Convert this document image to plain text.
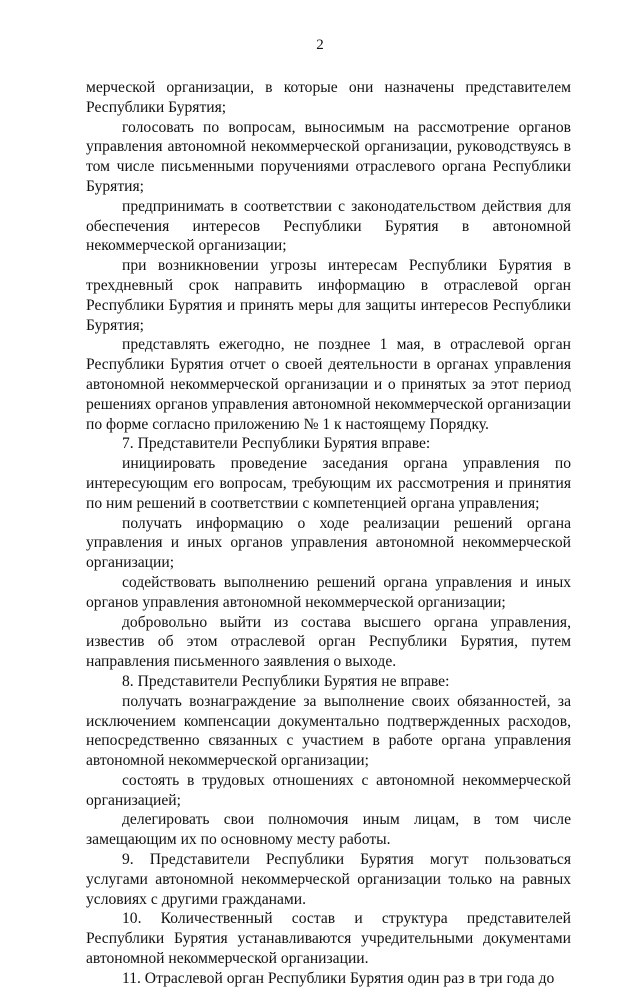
2

мерческой организации, в которые они назначены представителем Республики Бурятия;

голосовать по вопросам, выносимым на рассмотрение органов управления автономной некоммерческой организации, руководствуясь в том числе письменными поручениями отраслевого органа Республики Бурятия;

предпринимать в соответствии с законодательством действия для обеспечения интересов Республики Бурятия в автономной некоммерческой организации;

при возникновении угрозы интересам Республики Бурятия в трехдневный срок направить информацию в отраслевой орган Республики Бурятия и принять меры для защиты интересов Республики Бурятия;

представлять ежегодно, не позднее 1 мая, в отраслевой орган Республики Бурятия отчет о своей деятельности в органах управления автономной некоммерческой организации и о принятых за этот период решениях органов управления автономной некоммерческой организации по форме согласно приложению № 1 к настоящему Порядку.

7. Представители Республики Бурятия вправе:

инициировать проведение заседания органа управления по интересующим его вопросам, требующим их рассмотрения и принятия по ним решений в соответствии с компетенцией органа управления;

получать информацию о ходе реализации решений органа управления и иных органов управления автономной некоммерческой организации;

содействовать выполнению решений органа управления и иных органов управления автономной некоммерческой организации;

добровольно выйти из состава высшего органа управления, известив об этом отраслевой орган Республики Бурятия, путем направления письменного заявления о выходе.

8. Представители Республики Бурятия не вправе:

получать вознаграждение за выполнение своих обязанностей, за исключением компенсации документально подтвержденных расходов, непосредственно связанных с участием в работе органа управления автономной некоммерческой организации;

состоять в трудовых отношениях с автономной некоммерческой организацией;

делегировать свои полномочия иным лицам, в том числе замещающим их по основному месту работы.

9. Представители Республики Бурятия могут пользоваться услугами автономной некоммерческой организации только на равных условиях с другими гражданами.

10. Количественный состав и структура представителей Республики Бурятия устанавливаются учредительными документами автономной некоммерческой организации.

11. Отраслевой орган Республики Бурятия один раз в три года до
